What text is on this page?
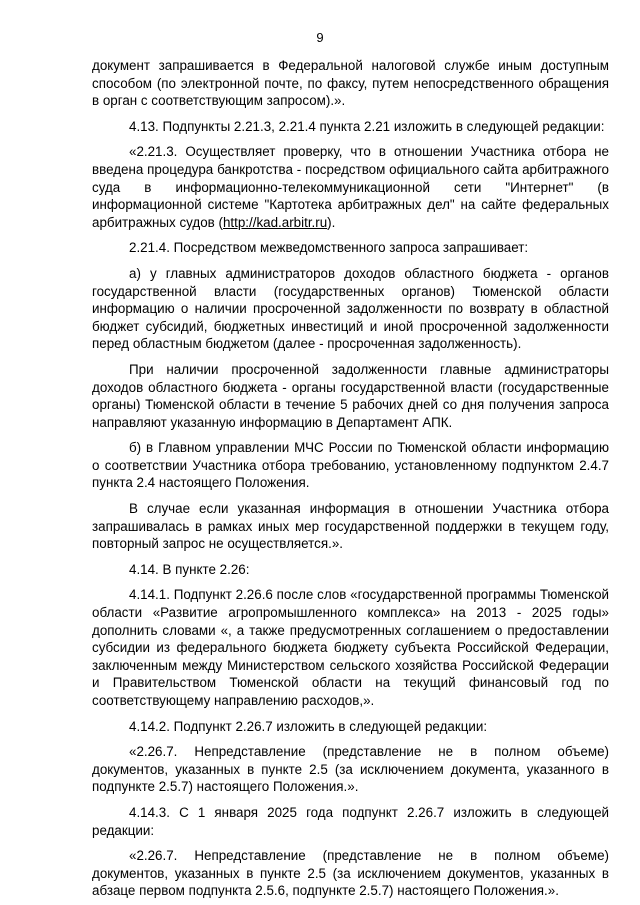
9

документ запрашивается в Федеральной налоговой службе иным доступным способом (по электронной почте, по факсу, путем непосредственного обращения в орган с соответствующим запросом).».

4.13. Подпункты 2.21.3, 2.21.4 пункта 2.21 изложить в следующей редакции:

«2.21.3. Осуществляет проверку, что в отношении Участника отбора не введена процедура банкротства - посредством официального сайта арбитражного суда в информационно-телекоммуникационной сети "Интернет" (в информационной системе "Картотека арбитражных дел" на сайте федеральных арбитражных судов (http://kad.arbitr.ru).

2.21.4. Посредством межведомственного запроса запрашивает:

а) у главных администраторов доходов областного бюджета - органов государственной власти (государственных органов) Тюменской области информацию о наличии просроченной задолженности по возврату в областной бюджет субсидий, бюджетных инвестиций и иной просроченной задолженности перед областным бюджетом (далее - просроченная задолженность).

При наличии просроченной задолженности главные администраторы доходов областного бюджета - органы государственной власти (государственные органы) Тюменской области в течение 5 рабочих дней со дня получения запроса направляют указанную информацию в Департамент АПК.

б) в Главном управлении МЧС России по Тюменской области информацию о соответствии Участника отбора требованию, установленному подпунктом 2.4.7 пункта 2.4 настоящего Положения.

В случае если указанная информация в отношении Участника отбора запрашивалась в рамках иных мер государственной поддержки в текущем году, повторный запрос не осуществляется.».

4.14. В пункте 2.26:

4.14.1. Подпункт 2.26.6 после слов «государственной программы Тюменской области «Развитие агропромышленного комплекса» на 2013 - 2025 годы» дополнить словами «, а также предусмотренных соглашением о предоставлении субсидии из федерального бюджета бюджету субъекта Российской Федерации, заключенным между Министерством сельского хозяйства Российской Федерации и Правительством Тюменской области на текущий финансовый год по соответствующему направлению расходов,».

4.14.2. Подпункт 2.26.7 изложить в следующей редакции:

«2.26.7. Непредставление (представление не в полном объеме) документов, указанных в пункте 2.5 (за исключением документа, указанного в подпункте 2.5.7) настоящего Положения.».

4.14.3. С 1 января 2025 года подпункт 2.26.7 изложить в следующей редакции:

«2.26.7. Непредставление (представление не в полном объеме) документов, указанных в пункте 2.5 (за исключением документов, указанных в абзаце первом подпункта 2.5.6, подпункте 2.5.7) настоящего Положения.».
